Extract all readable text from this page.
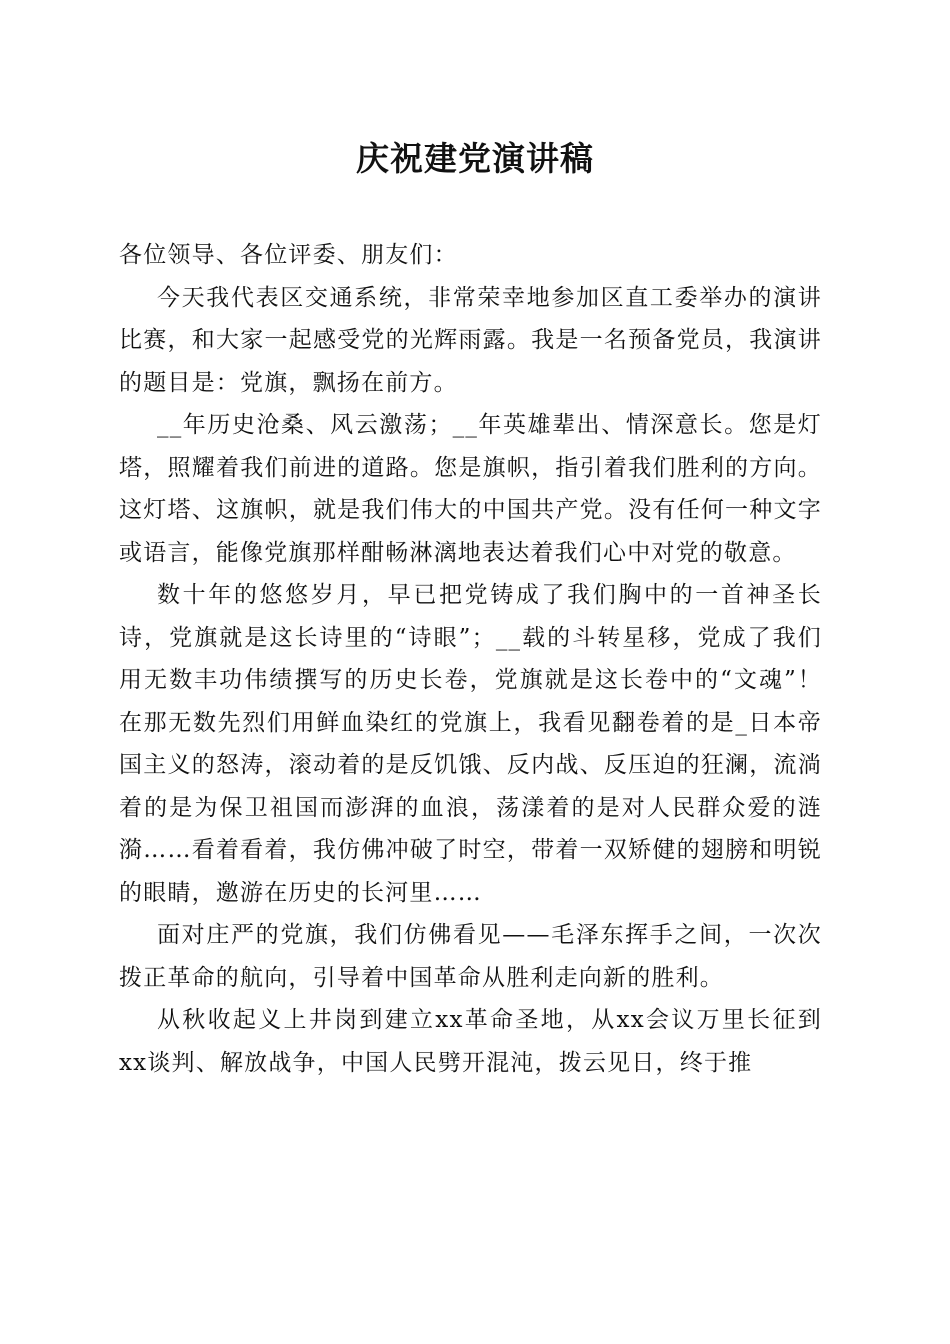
庆祝建党演讲稿

各位领导、各位评委、朋友们：

今天我代表区交通系统，非常荣幸地参加区直工委举办的演讲比赛，和大家一起感受党的光辉雨露。我是一名预备党员，我演讲的题目是：党旗，飘扬在前方。

__年历史沧桑、风云激荡；__年英雄辈出、情深意长。您是灯塔，照耀着我们前进的道路。您是旗帜，指引着我们胜利的方向。这灯塔、这旗帜，就是我们伟大的中国共产党。没有任何一种文字或语言，能像党旗那样酣畅淋漓地表达着我们心中对党的敬意。

数十年的悠悠岁月，早已把党铸成了我们胸中的一首神圣长诗，党旗就是这长诗里的“诗眼”；__载的斗转星移，党成了我们用无数丰功伟绩撰写的历史长卷，党旗就是这长卷中的“文魂”！在那无数先烈们用鲜血染红的党旗上，我看见翻卷着的是_日本帝国主义的怒涛，滚动着的是反饥饿、反内战、反压迫的狂澜，流淌着的是为保卫祖国而澎湃的血浪，荡漾着的是对人民群众爱的涟漪……看着看着，我仿佛冲破了时空，带着一双矫健的翅膀和明锐的眼睛，邀游在历史的长河里……

面对庄严的党旗，我们仿佛看见——毛泽东挥手之间，一次次拨正革命的航向，引导着中国革命从胜利走向新的胜利。

从秋收起义上井岗到建立xx革命圣地，从xx会议万里长征到xx谈判、解放战争，中国人民劈开混沌，拨云见日，终于推
